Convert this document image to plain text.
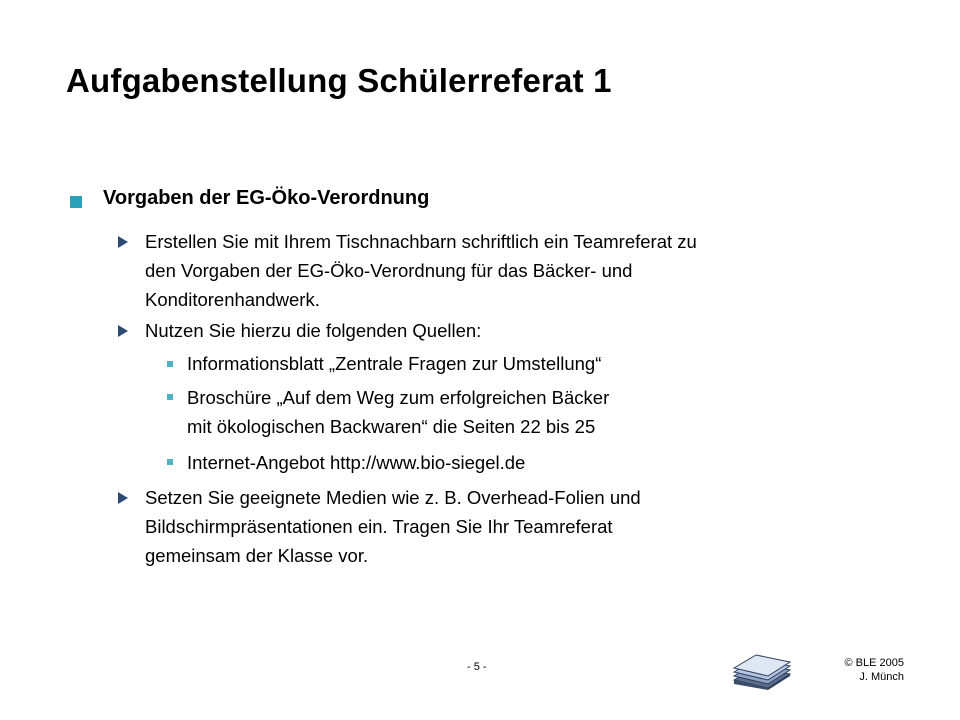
Aufgabenstellung Schülerreferat 1
Vorgaben der EG-Öko-Verordnung
Erstellen Sie mit Ihrem Tischnachbarn schriftlich ein Teamreferat zu
den Vorgaben der EG-Öko-Verordnung für das Bäcker- und
Konditorenhandwerk.
Nutzen Sie hierzu die folgenden Quellen:
Informationsblatt „Zentrale Fragen zur Umstellung“
Broschüre „Auf dem Weg zum erfolgreichen Bäcker
mit ökologischen Backwaren“ die Seiten 22 bis 25
Internet-Angebot http://www.bio-siegel.de
Setzen Sie geeignete Medien wie z. B. Overhead-Folien und
Bildschirmpräsentationen ein. Tragen Sie Ihr Teamreferat
gemeinsam der Klasse vor.
- 5 -	© BLE 2005
J. Münch
